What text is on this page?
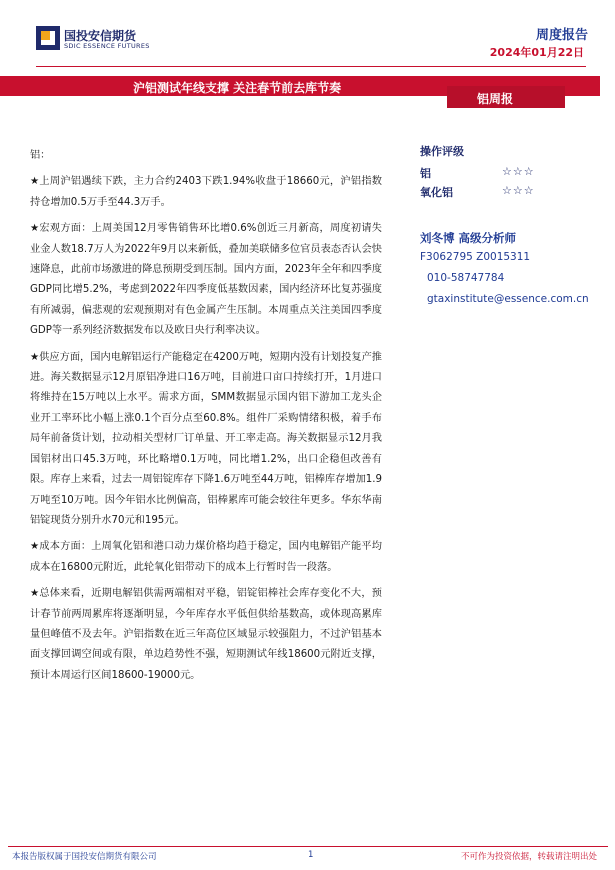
国投安信期货
SDIC ESSENCE FUTURES
周度报告
2024年01月22日
沪铝测试年线支撑 关注春节前去库节奏
铝周报

铝：

★上周沪铝遇续下跌，主力合约2403下跌1.94%收盘于18660元，沪铝指数持仓增加0.5万手至44.3万手。

★宏观方面：上周美国12月零售销售环比增0.6%创近三月新高，周度初请失业金人数18.7万人为2022年9月以来新低，叠加美联储多位官员表态否认会快速降息，此前市场激进的降息预期受到压制。国内方面，2023年全年和四季度GDP同比增5.2%，考虑到2022年四季度低基数因素，国内经济环比复苏强度有所减弱，偏悲观的宏观预期对有色金属产生压制。本周重点关注美国四季度GDP等一系列经济数据发布以及欧日央行利率决议。

★供应方面，国内电解铝运行产能稳定在4200万吨，短期内没有计划投复产推进。海关数据显示12月原铝净进口16万吨，目前进口亩口持续打开，1月进口将维持在15万吨以上水平。需求方面，SMM数据显示国内铝下游加工龙头企业开工率环比小幅上涨0.1个百分点至60.8%。组件厂采购情绪积极，着手布局年前备货计划，拉动相关型材厂订单量、开工率走高。海关数据显示12月我国铝材出口45.3万吨，环比略增0.1万吨，同比增1.2%，出口企稳但改善有限。库存上来看，过去一周铝锭库存下降1.6万吨至44万吨，铝棒库存增加1.9万吨至10万吨。因今年铝水比例偏高，铝棒累库可能会较往年更多。华东华南铝锭现货分别升水70元和195元。

★成本方面：上周氧化铝和港口动力煤价格均趋于稳定，国内电解铝产能平均成本在16800元附近，此轮氧化铝带动下的成本上行暂时告一段落。

★总体来看，近期电解铝供需两端相对平稳，铝锭铝棒社会库存变化不大，预计春节前两周累库将逐渐明显，今年库存水平低但供给基数高，或体现高累库量但峰值不及去年。沪铝指数在近三年高位区域显示较强阻力，不过沪铝基本面支撑回调空间或有限，单边趋势性不强，短期测试年线18600元附近支撑，预计本周运行区间18600-19000元。

操作评级
铝	☆☆☆
氧化铝	☆☆☆
刘冬博 高级分析师
F3062795 Z0015311
010-58747784
gtaxinstitute@essence.com.cn
本报告版权属于国投安信期货有限公司	1	不可作为投资依据，转载请注明出处
